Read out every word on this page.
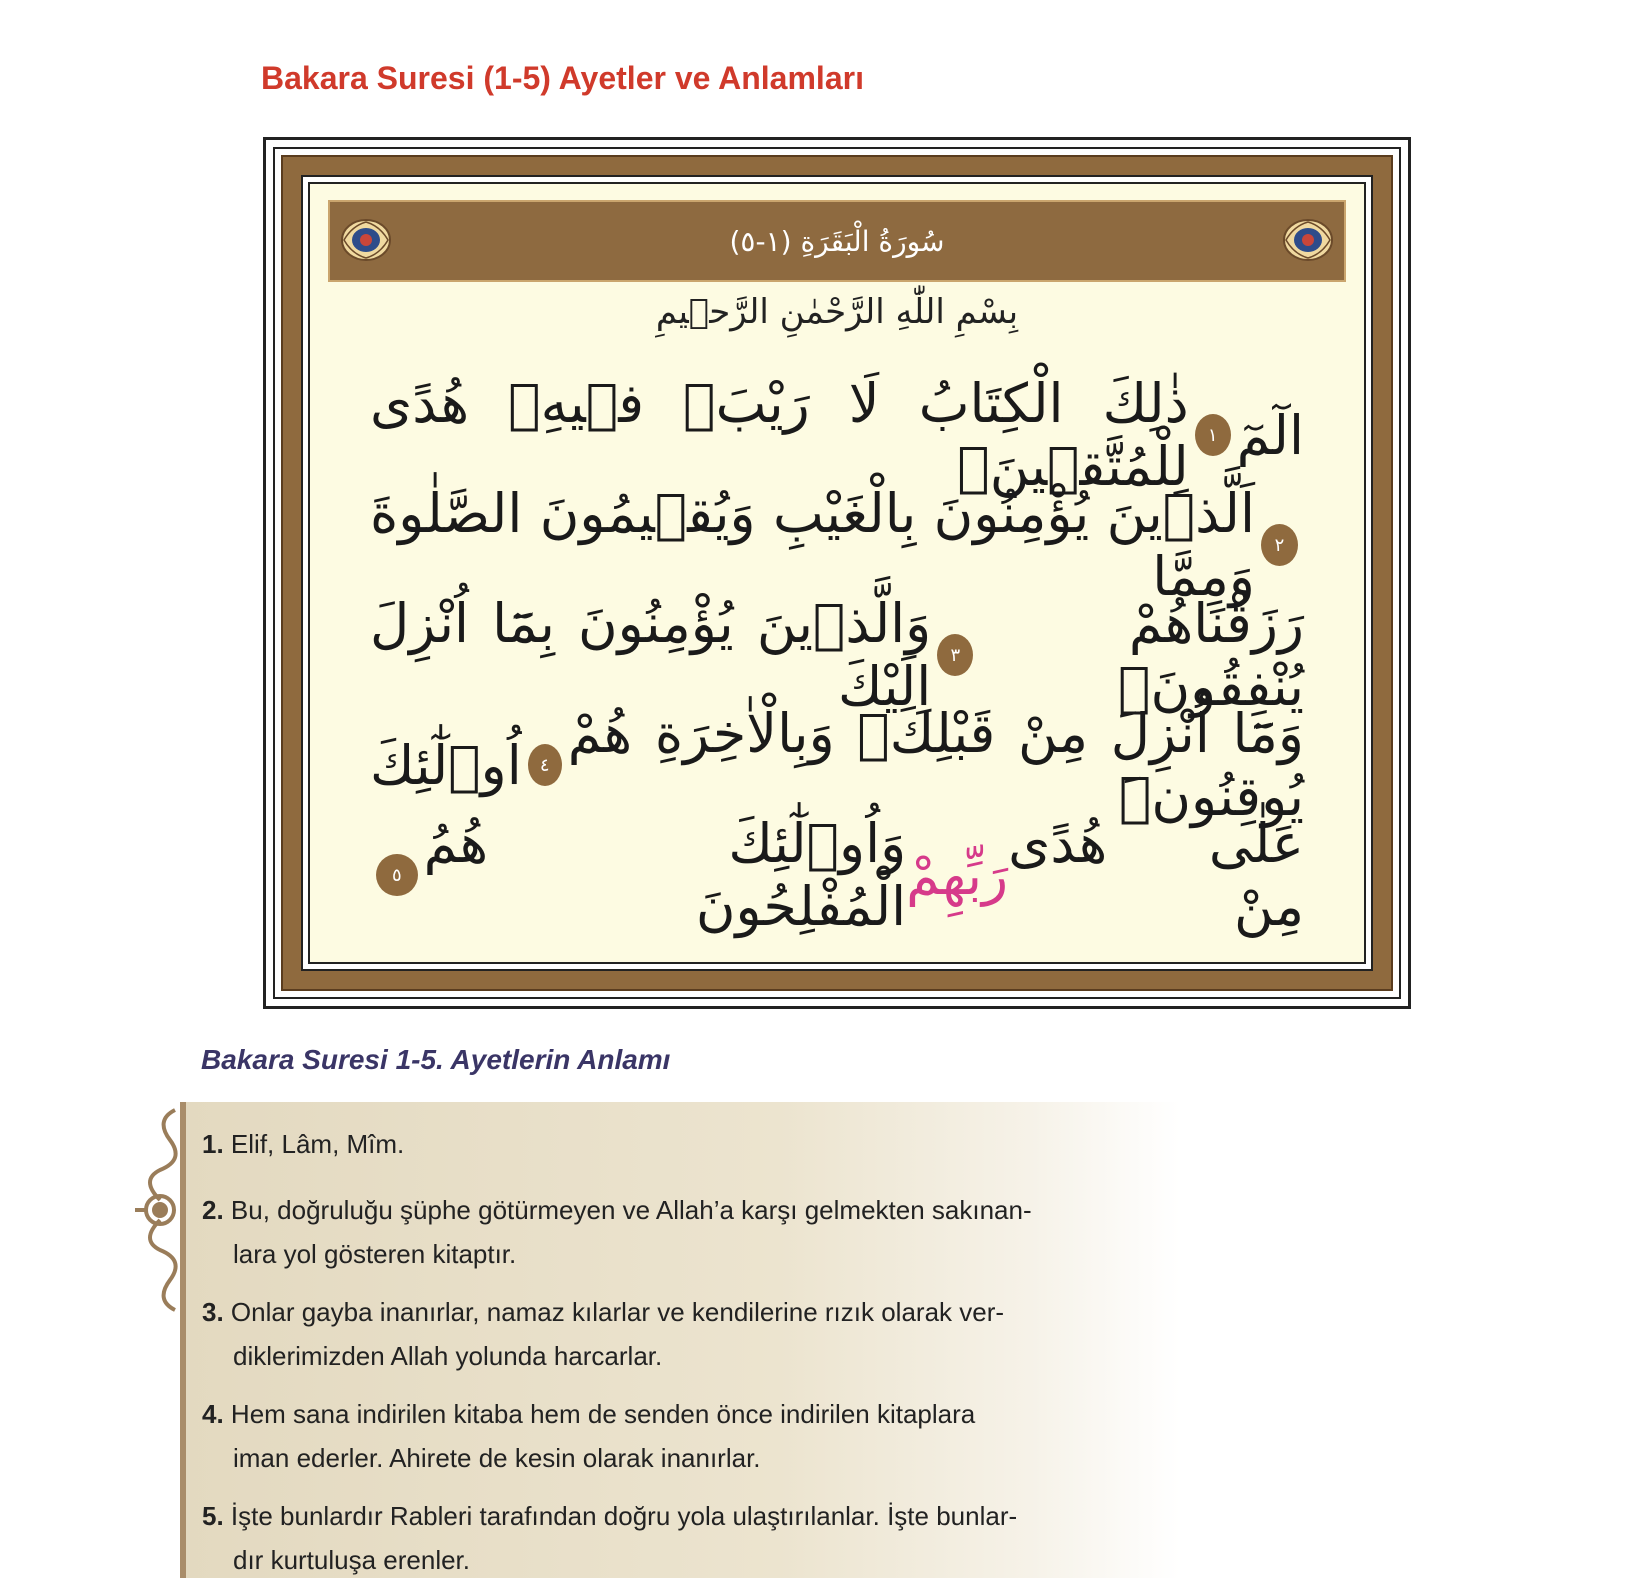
Bakara Suresi (1-5) Ayetler ve Anlamları
سُورَةُ الْبَقَرَةِ (١-٥)
بِسْمِ اللّٰهِ الرَّحْمٰنِ الرَّح۪يمِ
الٓمٓ
١
ذٰلِكَ الْكِتَابُ لَا رَيْبَۚ ف۪يهِۚ هُدًى لِلْمُتَّق۪ينَۙ
٢
اَلَّذ۪ينَ يُؤْمِنُونَ بِالْغَيْبِ وَيُق۪يمُونَ الصَّلٰوةَ وَمِمَّا
رَزَقْنَاهُمْ يُنْفِقُونَۙ
٣
وَالَّذ۪ينَ يُؤْمِنُونَ بِمَٓا اُنْزِلَ اِلَيْكَ
وَمَٓا اُنْزِلَ مِنْ قَبْلِكَۚ وَبِالْاٰخِرَةِ هُمْ يُوقِنُونَۜ
٤
اُو۬لٰٓئِكَ
عَلٰى هُدًى مِنْ
رَبِّهِمْ
وَاُو۬لٰٓئِكَ هُمُ الْمُفْلِحُونَ
٥
Bakara Suresi 1-5. Ayetlerin Anlamı
1. Elif, Lâm, Mîm.
2. Bu, doğruluğu şüphe götürmeyen ve Allah’a karşı gelmekten sakınan-
lara yol gösteren kitaptır.
3. Onlar gayba inanırlar, namaz kılarlar ve kendilerine rızık olarak ver-
diklerimizden Allah yolunda harcarlar.
4. Hem sana indirilen kitaba hem de senden önce indirilen kitaplara
iman ederler. Ahirete de kesin olarak inanırlar.
5. İşte bunlardır Rableri tarafından doğru yola ulaştırılanlar. İşte bunlar-
dır kurtuluşa erenler.
